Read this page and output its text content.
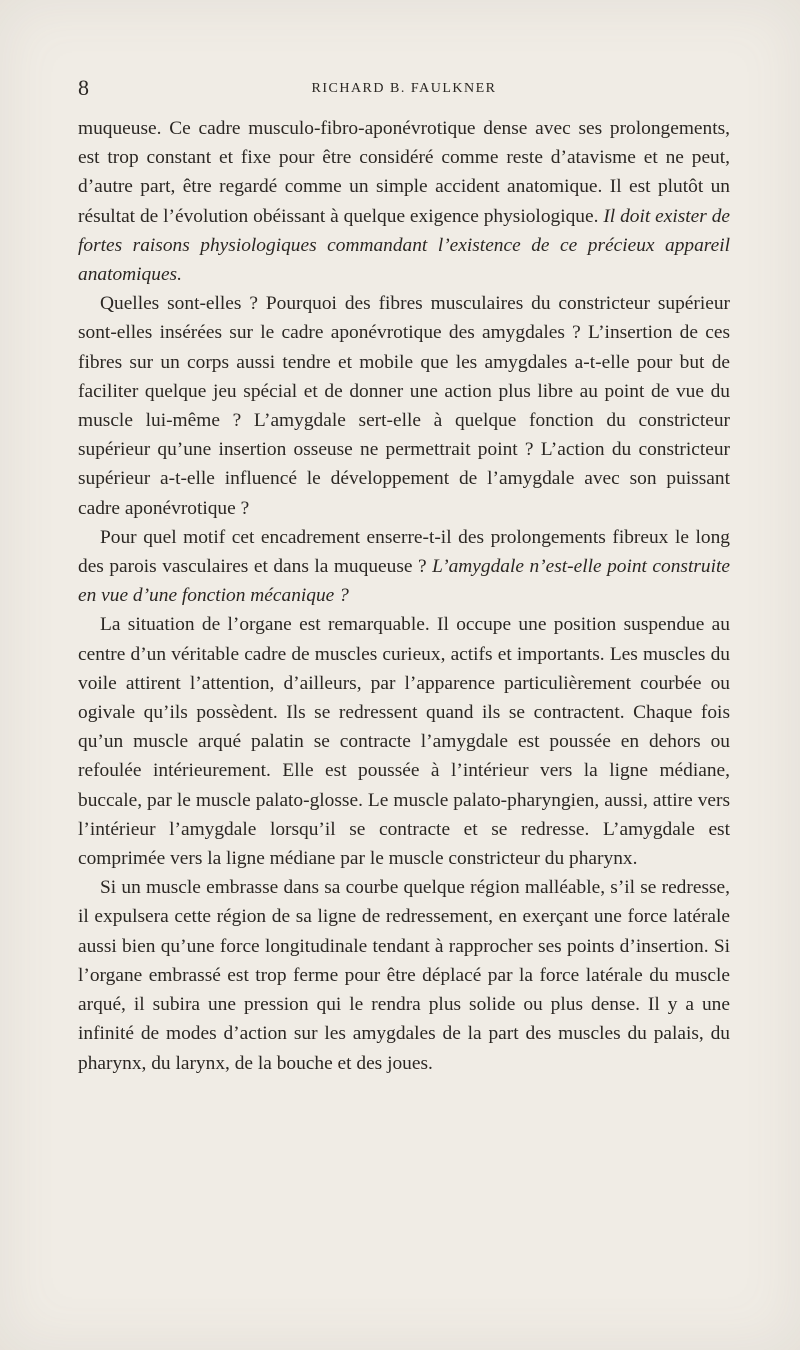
8	RICHARD B. FAULKNER

muqueuse. Ce cadre musculo-fibro-aponévrotique dense avec ses prolongements, est trop constant et fixe pour être considéré comme reste d’atavisme et ne peut, d’autre part, être regardé comme un simple accident anatomique. Il est plutôt un résultat de l’évolution obéissant à quelque exigence physiologique. Il doit exister de fortes raisons physiologiques commandant l’existence de ce précieux appareil anatomiques.

Quelles sont-elles ? Pourquoi des fibres musculaires du constricteur supérieur sont-elles insérées sur le cadre aponévrotique des amygdales ? L’insertion de ces fibres sur un corps aussi tendre et mobile que les amygdales a-t-elle pour but de faciliter quelque jeu spécial et de donner une action plus libre au point de vue du muscle lui-même ? L’amygdale sert-elle à quelque fonction du constricteur supérieur qu’une insertion osseuse ne permettrait point ? L’action du constricteur supérieur a-t-elle influencé le développement de l’amygdale avec son puissant cadre aponévrotique ?

Pour quel motif cet encadrement enserre-t-il des prolongements fibreux le long des parois vasculaires et dans la muqueuse ? L’amygdale n’est-elle point construite en vue d’une fonction mécanique ?

La situation de l’organe est remarquable. Il occupe une position suspendue au centre d’un véritable cadre de muscles curieux, actifs et importants. Les muscles du voile attirent l’attention, d’ailleurs, par l’apparence particulièrement courbée ou ogivale qu’ils possèdent. Ils se redressent quand ils se contractent. Chaque fois qu’un muscle arqué palatin se contracte l’amygdale est poussée en dehors ou refoulée intérieurement. Elle est poussée à l’intérieur vers la ligne médiane, buccale, par le muscle palato-glosse. Le muscle palato-pharyngien, aussi, attire vers l’intérieur l’amygdale lorsqu’il se contracte et se redresse. L’amygdale est comprimée vers la ligne médiane par le muscle constricteur du pharynx.

Si un muscle embrasse dans sa courbe quelque région malléable, s’il se redresse, il expulsera cette région de sa ligne de redressement, en exerçant une force latérale aussi bien qu’une force longitudinale tendant à rapprocher ses points d’insertion. Si l’organe embrassé est trop ferme pour être déplacé par la force latérale du muscle arqué, il subira une pression qui le rendra plus solide ou plus dense. Il y a une infinité de modes d’action sur les amygdales de la part des muscles du palais, du pharynx, du larynx, de la bouche et des joues.
